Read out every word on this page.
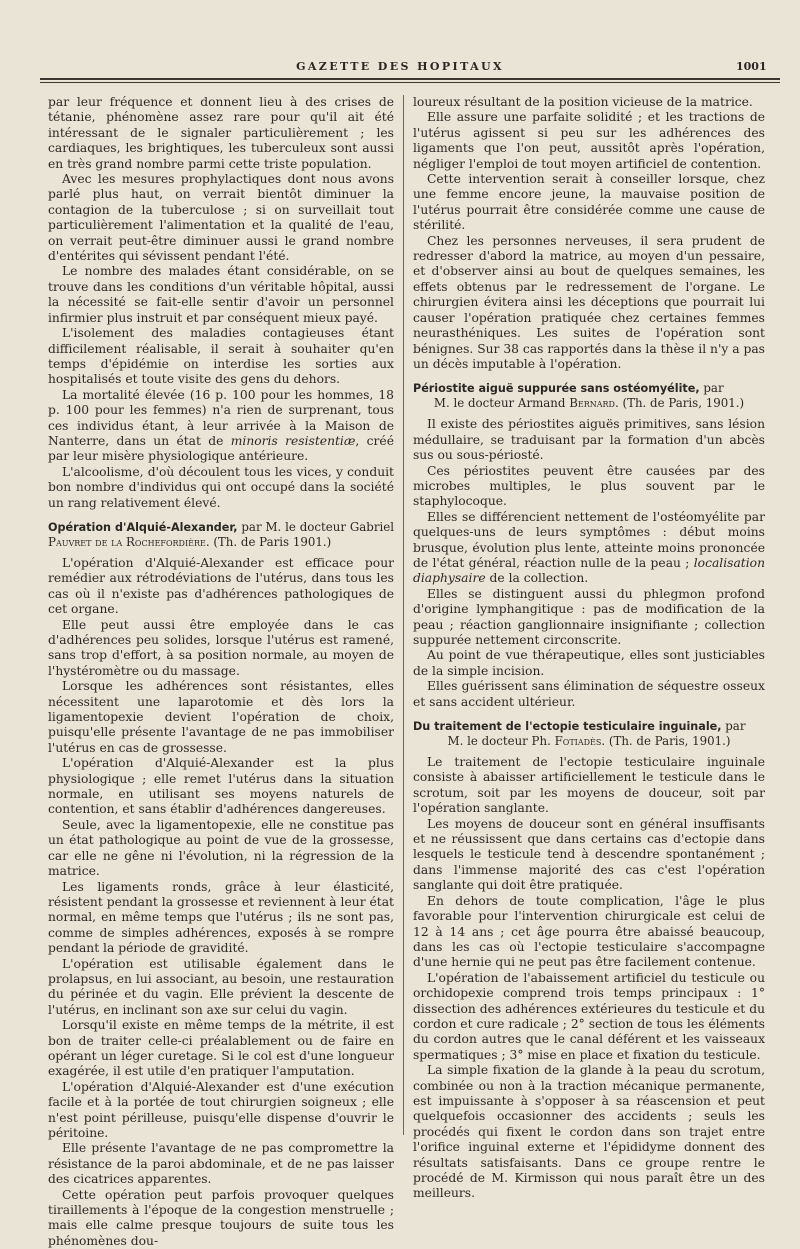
GAZETTE DES HOPITAUX	1001

par leur fréquence et donnent lieu à des crises de tétanie, phénomène assez rare pour qu'il ait été intéressant de le signaler particulièrement ; les cardiaques, les brightiques, les tuberculeux sont aussi en très grand nombre parmi cette triste population.

Avec les mesures prophylactiques dont nous avons parlé plus haut, on verrait bientôt diminuer la contagion de la tuberculose ; si on surveillait tout particulièrement l'alimentation et la qualité de l'eau, on verrait peut-être diminuer aussi le grand nombre d'entérites qui sévissent pendant l'été.

Le nombre des malades étant considérable, on se trouve dans les conditions d'un véritable hôpital, aussi la nécessité se fait-elle sentir d'avoir un personnel infirmier plus instruit et par conséquent mieux payé.

L'isolement des maladies contagieuses étant difficilement réalisable, il serait à souhaiter qu'en temps d'épidémie on interdise les sorties aux hospitalisés et toute visite des gens du dehors.

La mortalité élevée (16 p. 100 pour les hommes, 18 p. 100 pour les femmes) n'a rien de surprenant, tous ces individus étant, à leur arrivée à la Maison de Nanterre, dans un état de minoris resistentiæ, créé par leur misère physiologique antérieure.

L'alcoolisme, d'où découlent tous les vices, y conduit bon nombre d'individus qui ont occupé dans la société un rang relativement élevé.

Opération d'Alquié-Alexander, par M. le docteur Gabriel Pauvret de la Rochefordière. (Th. de Paris 1901.)

L'opération d'Alquié-Alexander est efficace pour remédier aux rétrodéviations de l'utérus, dans tous les cas où il n'existe pas d'adhérences pathologiques de cet organe.

Elle peut aussi être employée dans le cas d'adhérences peu solides, lorsque l'utérus est ramené, sans trop d'effort, à sa position normale, au moyen de l'hystéromètre ou du massage.

Lorsque les adhérences sont résistantes, elles nécessitent une laparotomie et dès lors la ligamentopexie devient l'opération de choix, puisqu'elle présente l'avantage de ne pas immobiliser l'utérus en cas de grossesse.

L'opération d'Alquié-Alexander est la plus physiologique ; elle remet l'utérus dans la situation normale, en utilisant ses moyens naturels de contention, et sans établir d'adhérences dangereuses.

Seule, avec la ligamentopexie, elle ne constitue pas un état pathologique au point de vue de la grossesse, car elle ne gêne ni l'évolution, ni la régression de la matrice.

Les ligaments ronds, grâce à leur élasticité, résistent pendant la grossesse et reviennent à leur état normal, en même temps que l'utérus ; ils ne sont pas, comme de simples adhérences, exposés à se rompre pendant la période de gravidité.

L'opération est utilisable également dans le prolapsus, en lui associant, au besoin, une restauration du périnée et du vagin. Elle prévient la descente de l'utérus, en inclinant son axe sur celui du vagin.

Lorsqu'il existe en même temps de la métrite, il est bon de traiter celle-ci préalablement ou de faire en opérant un léger curetage. Si le col est d'une longueur exagérée, il est utile d'en pratiquer l'amputation.

L'opération d'Alquié-Alexander est d'une exécution facile et à la portée de tout chirurgien soigneux ; elle n'est point périlleuse, puisqu'elle dispense d'ouvrir le péritoine.

Elle présente l'avantage de ne pas compromettre la résistance de la paroi abdominale, et de ne pas laisser des cicatrices apparentes.

Cette opération peut parfois provoquer quelques tiraillements à l'époque de la congestion menstruelle ; mais elle calme presque toujours de suite tous les phénomènes dou-

loureux résultant de la position vicieuse de la matrice.

Elle assure une parfaite solidité ; et les tractions de l'utérus agissent si peu sur les adhérences des ligaments que l'on peut, aussitôt après l'opération, négliger l'emploi de tout moyen artificiel de contention.

Cette intervention serait à conseiller lorsque, chez une femme encore jeune, la mauvaise position de l'utérus pourrait être considérée comme une cause de stérilité.

Chez les personnes nerveuses, il sera prudent de redresser d'abord la matrice, au moyen d'un pessaire, et d'observer ainsi au bout de quelques semaines, les effets obtenus par le redressement de l'organe. Le chirurgien évitera ainsi les déceptions que pourrait lui causer l'opération pratiquée chez certaines femmes neurasthéniques. Les suites de l'opération sont bénignes. Sur 38 cas rapportés dans la thèse il n'y a pas un décès imputable à l'opération.

Périostite aiguë suppurée sans ostéomyélite, par
M. le docteur Armand Bernard. (Th. de Paris, 1901.)

Il existe des périostites aiguës primitives, sans lésion médullaire, se traduisant par la formation d'un abcès sus ou sous-périosté.

Ces périostites peuvent être causées par des microbes multiples, le plus souvent par le staphylocoque.

Elles se différencient nettement de l'ostéomyélite par quelques-uns de leurs symptômes : début moins brusque, évolution plus lente, atteinte moins prononcée de l'état général, réaction nulle de la peau ; localisation diaphysaire de la collection.

Elles se distinguent aussi du phlegmon profond d'origine lymphangitique : pas de modification de la peau ; réaction ganglionnaire insignifiante ; collection suppurée nettement circonscrite.

Au point de vue thérapeutique, elles sont justiciables de la simple incision.

Elles guérissent sans élimination de séquestre osseux et sans accident ultérieur.

Du traitement de l'ectopie testiculaire inguinale, par
M. le docteur Ph. Fotiadès. (Th. de Paris, 1901.)

Le traitement de l'ectopie testiculaire inguinale consiste à abaisser artificiellement le testicule dans le scrotum, soit par les moyens de douceur, soit par l'opération sanglante.

Les moyens de douceur sont en général insuffisants et ne réussissent que dans certains cas d'ectopie dans lesquels le testicule tend à descendre spontanément ; dans l'immense majorité des cas c'est l'opération sanglante qui doit être pratiquée.

En dehors de toute complication, l'âge le plus favorable pour l'intervention chirurgicale est celui de 12 à 14 ans ; cet âge pourra être abaissé beaucoup, dans les cas où l'ectopie testiculaire s'accompagne d'une hernie qui ne peut pas être facilement contenue.

L'opération de l'abaissement artificiel du testicule ou orchidopexie comprend trois temps principaux : 1° dissection des adhérences extérieures du testicule et du cordon et cure radicale ; 2° section de tous les éléments du cordon autres que le canal déférent et les vaisseaux spermatiques ; 3° mise en place et fixation du testicule.

La simple fixation de la glande à la peau du scrotum, combinée ou non à la traction mécanique permanente, est impuissante à s'opposer à sa réascension et peut quelquefois occasionner des accidents ; seuls les procédés qui fixent le cordon dans son trajet entre l'orifice inguinal externe et l'épididyme donnent des résultats satisfaisants. Dans ce groupe rentre le procédé de M. Kirmisson qui nous paraît être un des meilleurs.
